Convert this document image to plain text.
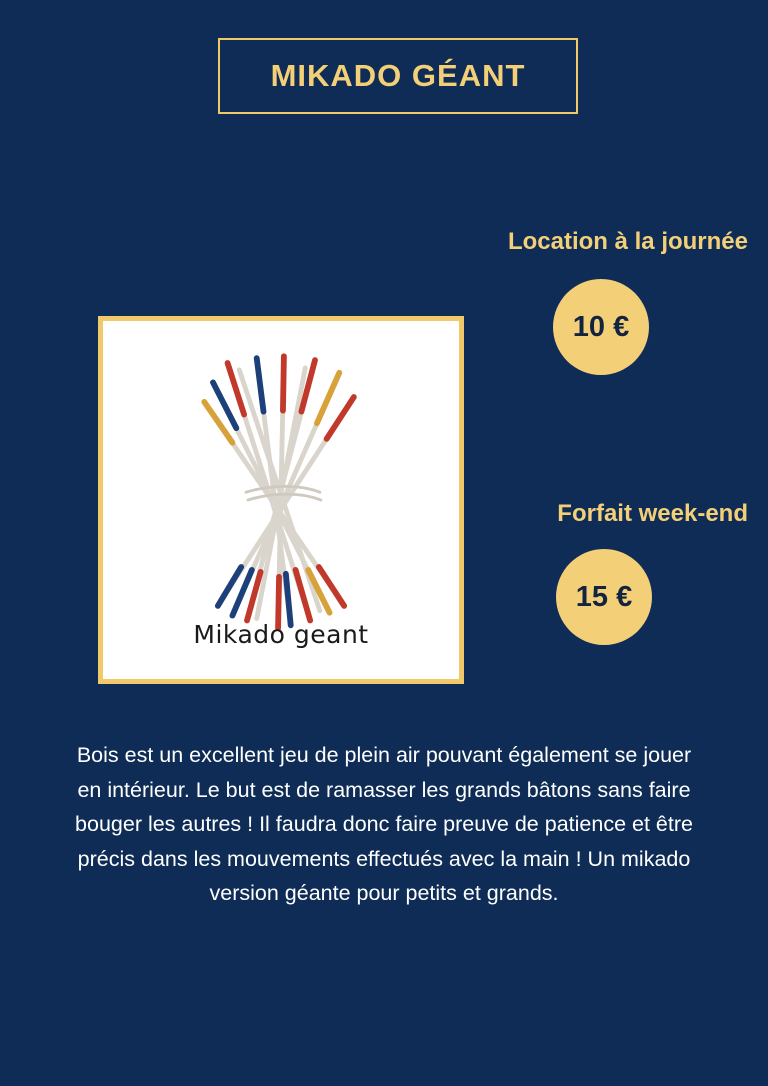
MIKADO GÉANT
Location à la journée
10 €
Forfait week-end
15 €
Mikado geant
Bois est un excellent jeu de plein air pouvant également se jouer en intérieur. Le but est de ramasser les grands bâtons sans faire bouger les autres ! Il faudra donc faire preuve de patience et être précis dans les mouvements effectués avec la main ! Un mikado version géante pour petits et grands.
